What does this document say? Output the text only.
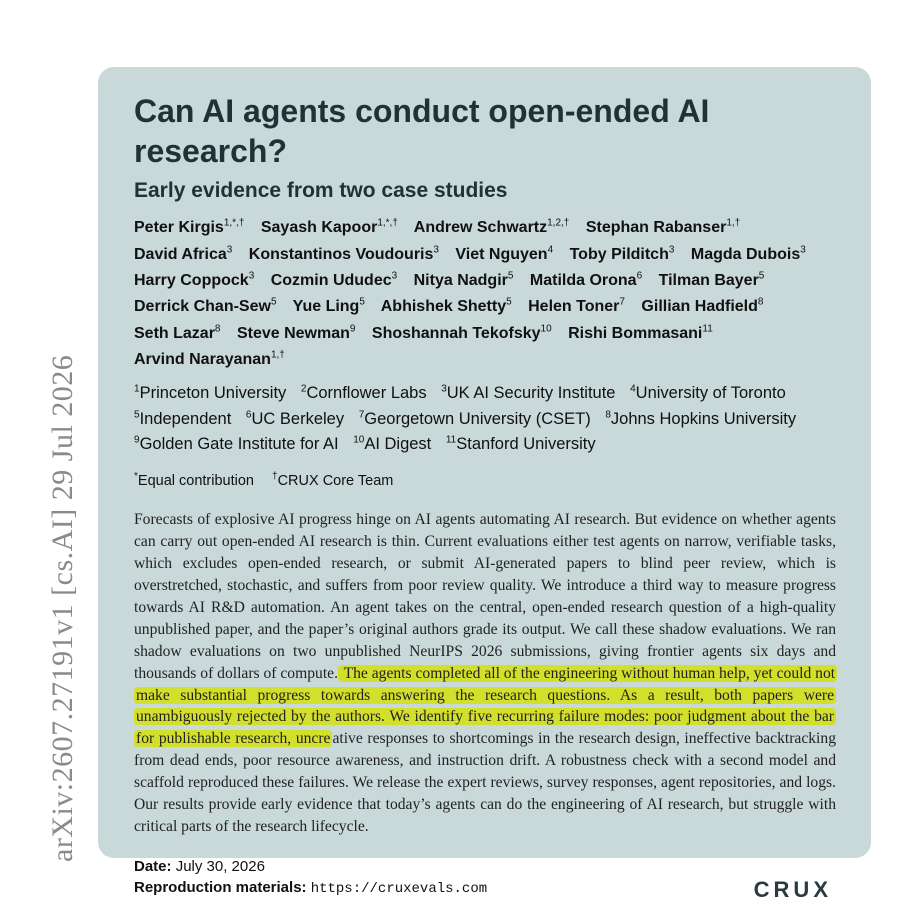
arXiv:2607.27191v1 [cs.AI] 29 Jul 2026
Can AI agents conduct open-ended AI research?
Early evidence from two case studies
Peter Kirgis$^{1,*,\dagger}$ Sayash Kapoor$^{1,*,\dagger}$ Andrew Schwartz$^{1,2,\dagger}$ Stephan Rabanser$^{1,\dagger}$
David Africa$^3$ Konstantinos Voudouris$^3$ Viet Nguyen$^4$ Toby Pilditch$^3$ Magda Dubois$^3$
Harry Coppock$^3$ Cozmin Ududec$^3$ Nitya Nadgir$^5$ Matilda Orona$^6$ Tilman Bayer$^5$
Derrick Chan-Sew$^5$ Yue Ling$^5$ Abhishek Shetty$^5$ Helen Toner$^7$ Gillian Hadfield$^8$
Seth Lazar$^8$ Steve Newman$^9$ Shoshannah Tekofsky$^{10}$ Rishi Bommasani$^{11}$
Arvind Narayanan$^{1,\dagger}$
$^1$Princeton University $^2$Cornflower Labs $^3$UK AI Security Institute $^4$University of Toronto
$^5$Independent $^6$UC Berkeley $^7$Georgetown University (CSET) $^8$Johns Hopkins University
$^9$Golden Gate Institute for AI $^{10}$AI Digest $^{11}$Stanford University
*Equal contribution †CRUX Core Team
Forecasts of explosive AI progress hinge on AI agents automating AI research. But evidence on whether agents can carry out open-ended AI research is thin. Current evaluations either test agents on narrow, verifiable tasks, which excludes open-ended research, or submit AI-generated papers to blind peer review, which is overstretched, stochastic, and suffers from poor review quality. We introduce a third way to measure progress towards AI R&D automation. An agent takes on the central, open-ended research question of a high-quality unpublished paper, and the paper’s original authors grade its output. We call these shadow evaluations. We ran shadow evaluations on two unpublished NeurIPS 2026 submissions, giving frontier agents six days and thousands of dollars of compute. The agents completed all of the engineering without human help, yet could not make substantial progress towards answering the research questions. As a result, both papers were unambiguously rejected by the authors. We identify five recurring failure modes: poor judgment about the bar for publishable research, uncre ative responses to shortcomings in the research design, ineffective backtracking from dead ends, poor resource awareness, and instruction drift. A robustness check with a second model and scaffold reproduced these failures. We release the expert reviews, survey responses, agent repositories, and logs. Our results provide early evidence that today’s agents can do the engineering of AI research, but struggle with critical parts of the research lifecycle.
Date: July 30, 2026
Reproduction materials: https://cruxevals.com	CRUX
